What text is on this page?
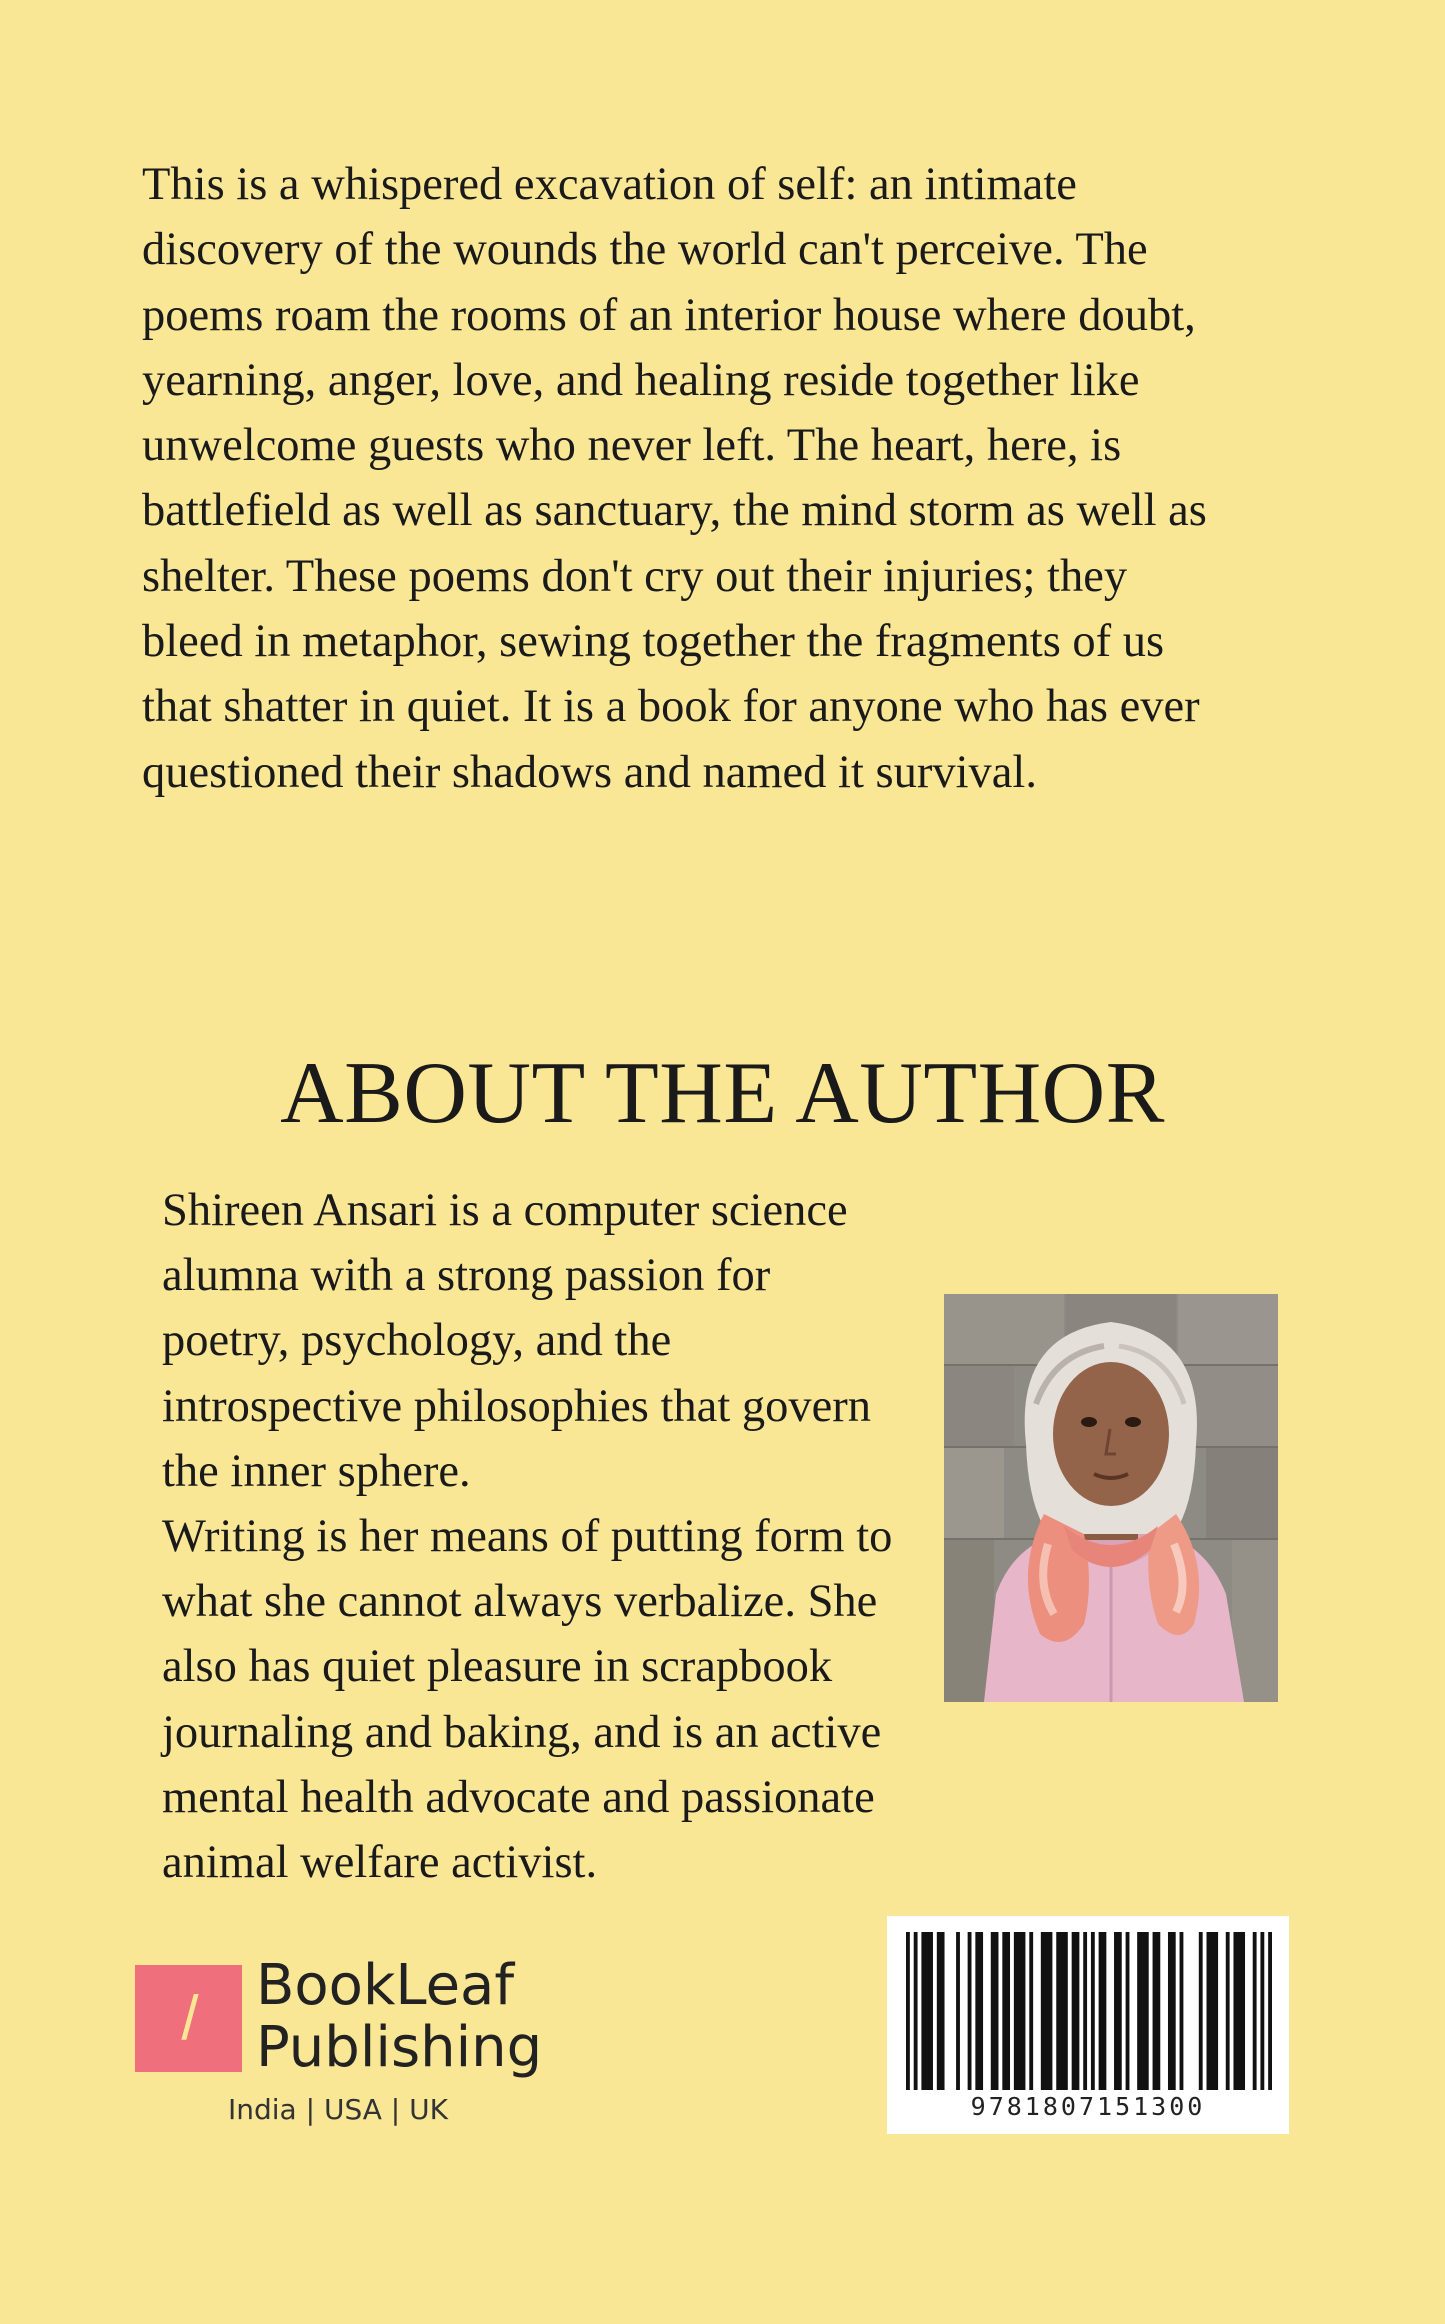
This is a whispered excavation of self: an intimate
discovery of the wounds the world can't perceive. The
poems roam the rooms of an interior house where doubt,
yearning, anger, love, and healing reside together like
unwelcome guests who never left. The heart, here, is
battlefield as well as sanctuary, the mind storm as well as
shelter. These poems don't cry out their injuries; they
bleed in metaphor, sewing together the fragments of us
that shatter in quiet. It is a book for anyone who has ever
questioned their shadows and named it survival.
ABOUT THE AUTHOR
Shireen Ansari is a computer science
alumna with a strong passion for
poetry, psychology, and the
introspective philosophies that govern
the inner sphere.
Writing is her means of putting form to
what she cannot always verbalize. She
also has quiet pleasure in scrapbook
journaling and baking, and is an active
mental health advocate and passionate
animal welfare activist.
/ BookLeaf
Publishing
India | USA | UK	9781807151300
